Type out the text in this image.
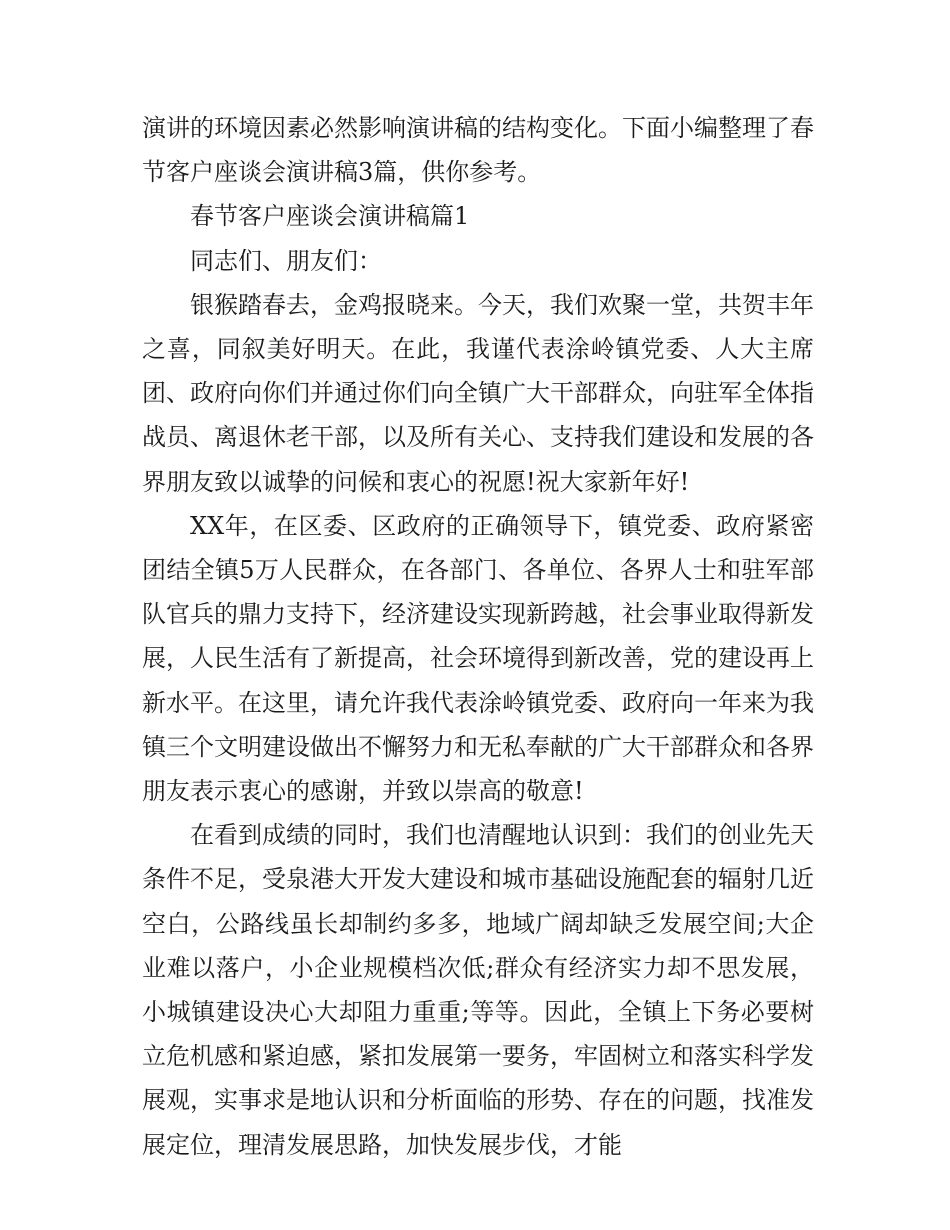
演讲的环境因素必然影响演讲稿的结构变化。下面小编整理了春节客户座谈会演讲稿3篇，供你参考。

春节客户座谈会演讲稿篇1

同志们、朋友们：

银猴踏春去，金鸡报晓来。今天，我们欢聚一堂，共贺丰年之喜，同叙美好明天。在此，我谨代表涂岭镇党委、人大主席团、政府向你们并通过你们向全镇广大干部群众，向驻军全体指战员、离退休老干部，以及所有关心、支持我们建设和发展的各界朋友致以诚挚的问候和衷心的祝愿!祝大家新年好!

XX年，在区委、区政府的正确领导下，镇党委、政府紧密团结全镇5万人民群众，在各部门、各单位、各界人士和驻军部队官兵的鼎力支持下，经济建设实现新跨越，社会事业取得新发展，人民生活有了新提高，社会环境得到新改善，党的建设再上新水平。在这里，请允许我代表涂岭镇党委、政府向一年来为我镇三个文明建设做出不懈努力和无私奉献的广大干部群众和各界朋友表示衷心的感谢，并致以崇高的敬意!

在看到成绩的同时，我们也清醒地认识到：我们的创业先天条件不足，受泉港大开发大建设和城市基础设施配套的辐射几近空白，公路线虽长却制约多多，地域广阔却缺乏发展空间;大企业难以落户，小企业规模档次低;群众有经济实力却不思发展，小城镇建设决心大却阻力重重;等等。因此，全镇上下务必要树立危机感和紧迫感，紧扣发展第一要务，牢固树立和落实科学发展观，实事求是地认识和分析面临的形势、存在的问题，找准发展定位，理清发展思路，加快发展步伐，才能
